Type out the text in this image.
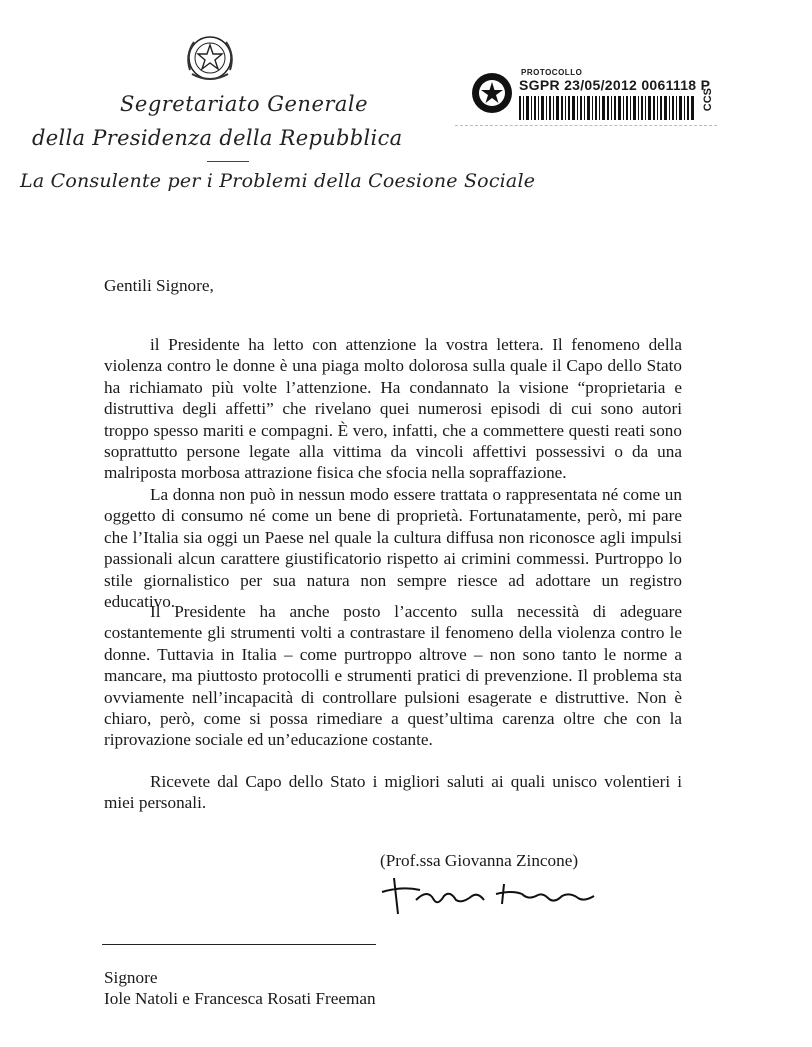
Segretariato Generale
della Presidenza della Repubblica
La Consulente per i Problemi della Coesione Sociale
PROTOCOLLO
SGPR 23/05/2012 0061118 P
CCS
Gentili Signore,

il Presidente ha letto con attenzione la vostra lettera. Il fenomeno della violenza contro le donne è una piaga molto dolorosa sulla quale il Capo dello Stato ha richiamato più volte l’attenzione. Ha condannato la visione “proprietaria e distruttiva degli affetti” che rivelano quei numerosi episodi di cui sono autori troppo spesso mariti e compagni. È vero, infatti, che a commettere questi reati sono soprattutto persone legate alla vittima da vincoli affettivi possessivi o da una malriposta morbosa attrazione fisica che sfocia nella sopraffazione.

La donna non può in nessun modo essere trattata o rappresentata né come un oggetto di consumo né come un bene di proprietà. Fortunatamente, però, mi pare che l’Italia sia oggi un Paese nel quale la cultura diffusa non riconosce agli impulsi passionali alcun carattere giustificatorio rispetto ai crimini commessi. Purtroppo lo stile giornalistico per sua natura non sempre riesce ad adottare un registro educativo.

Il Presidente ha anche posto l’accento sulla necessità di adeguare costantemente gli strumenti volti a contrastare il fenomeno della violenza contro le donne. Tuttavia in Italia – come purtroppo altrove – non sono tanto le norme a mancare, ma piuttosto protocolli e strumenti pratici di prevenzione. Il problema sta ovviamente nell’incapacità di controllare pulsioni esagerate e distruttive. Non è chiaro, però, come si possa rimediare a quest’ultima carenza oltre che con la riprovazione sociale ed un’educazione costante.

Ricevete dal Capo dello Stato i migliori saluti ai quali unisco volentieri i miei personali.

(Prof.ssa Giovanna Zincone)
Signore
Iole Natoli e Francesca Rosati Freeman
